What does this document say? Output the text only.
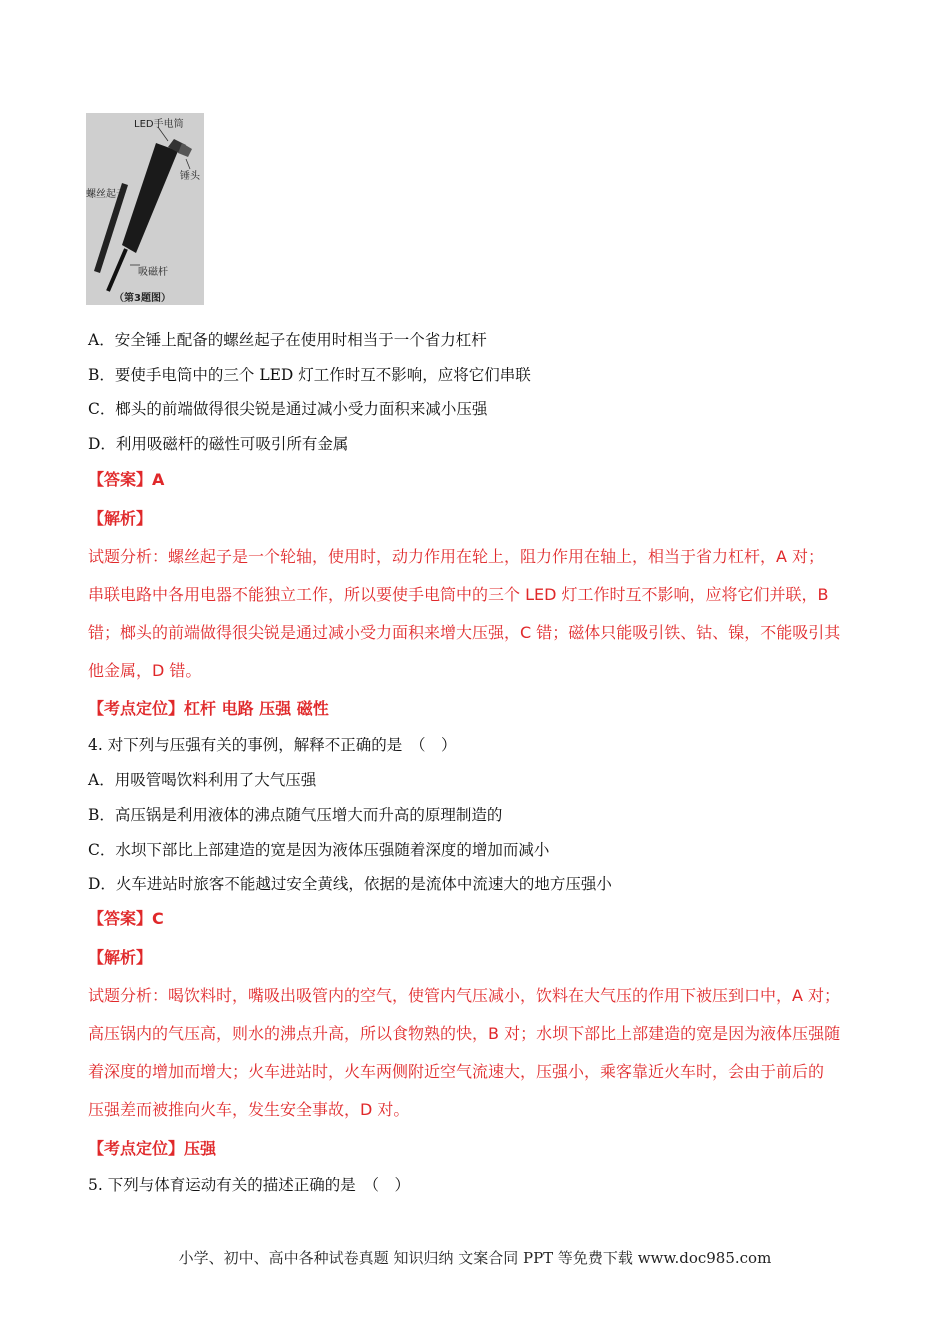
LED手电筒
锤头
螺丝起子
吸磁杆
（第3题图）
​
A．安全锤上配备的螺丝起子在使用时相当于一个省力杠杆
B．要使手电筒中的三个 LED 灯工作时互不影响，应将它们串联
C．榔头的前端做得很尖锐是通过减小受力面积来减小压强
D．利用吸磁杆的磁性可吸引所有金属
【答案】A
【解析】
试题分析：螺丝起子是一个轮轴，使用时，动力作用在轮上，阻力作用在轴上，相当于省力杠杆，A 对；
串联电路中各用电器不能独立工作，所以要使手电筒中的三个 LED 灯工作时互不影响，应将它们并联，B
错；榔头的前端做得很尖锐是通过减小受力面积来增大压强，C 错；磁体只能吸引铁、钴、镍，不能吸引其
他金属，D 错。
【考点定位】杠杆 电路 压强 磁性
4. 对下列与压强有关的事例，解释不正确的是　（　）
A．用吸管喝饮料利用了大气压强
B．高压锅是利用液体的沸点随气压增大而升高的原理制造的
C．水坝下部比上部建造的宽是因为液体压强随着深度的增加而减小
D．火车进站时旅客不能越过安全黄线，依据的是流体中流速大的地方压强小
【答案】C
【解析】
试题分析：喝饮料时，嘴吸出吸管内的空气，使管内气压减小，饮料在大气压的作用下被压到口中，A 对；
高压锅内的气压高，则水的沸点升高，所以食物熟的快，B 对；水坝下部比上部建造的宽是因为液体压强随
着深度的增加而增大；火车进站时，火车两侧附近空气流速大，压强小，乘客靠近火车时，会由于前后的
压强差而被推向火车，发生安全事故，D 对。
【考点定位】压强
5. 下列与体育运动有关的描述正确的是　（　）
小学、初中、高中各种试卷真题 知识归纳 文案合同 PPT 等免费下载 www.doc985.com
